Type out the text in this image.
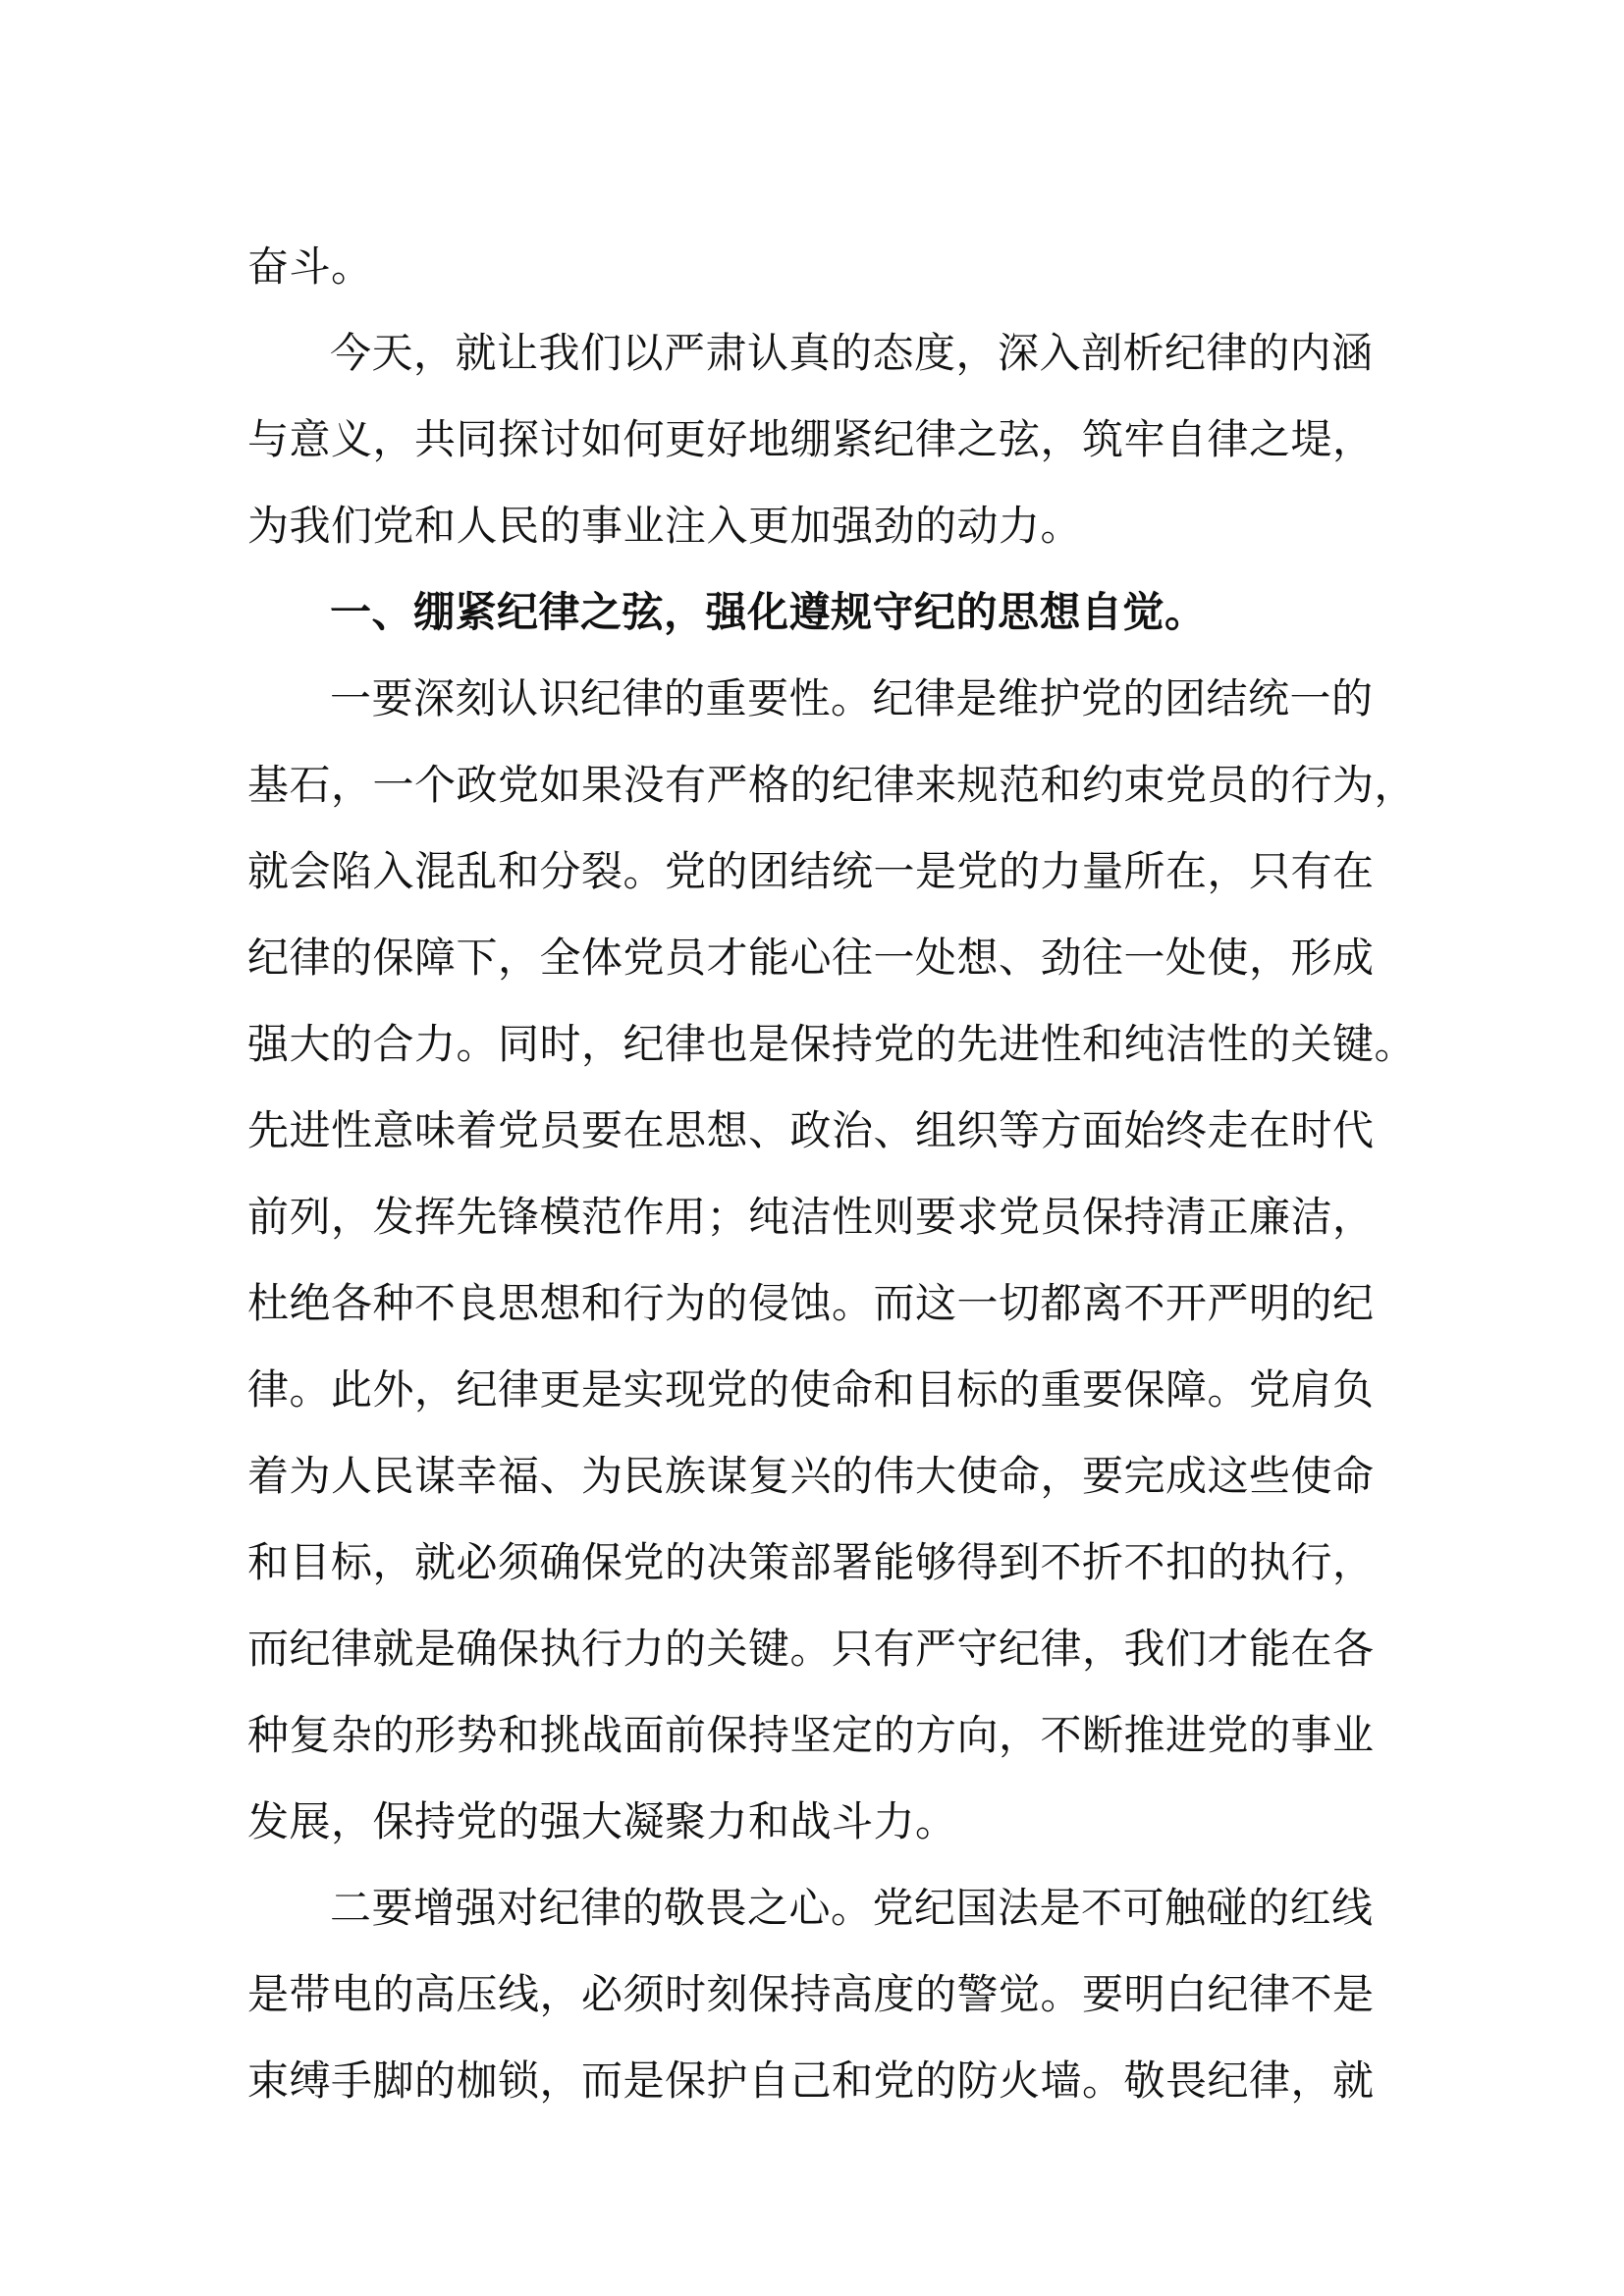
奋斗。
今天，就让我们以严肃认真的态度，深入剖析纪律的内涵
与意义，共同探讨如何更好地绷紧纪律之弦，筑牢自律之堤，
为我们党和人民的事业注入更加强劲的动力。
一、绷紧纪律之弦，强化遵规守纪的思想自觉。
一要深刻认识纪律的重要性。纪律是维护党的团结统一的
基石，一个政党如果没有严格的纪律来规范和约束党员的行为，
就会陷入混乱和分裂。党的团结统一是党的力量所在，只有在
纪律的保障下，全体党员才能心往一处想、劲往一处使，形成
强大的合力。同时，纪律也是保持党的先进性和纯洁性的关键。
先进性意味着党员要在思想、政治、组织等方面始终走在时代
前列，发挥先锋模范作用；纯洁性则要求党员保持清正廉洁，
杜绝各种不良思想和行为的侵蚀。而这一切都离不开严明的纪
律。此外，纪律更是实现党的使命和目标的重要保障。党肩负
着为人民谋幸福、为民族谋复兴的伟大使命，要完成这些使命
和目标，就必须确保党的决策部署能够得到不折不扣的执行，
而纪律就是确保执行力的关键。只有严守纪律，我们才能在各
种复杂的形势和挑战面前保持坚定的方向，不断推进党的事业
发展，保持党的强大凝聚力和战斗力。
二要增强对纪律的敬畏之心。党纪国法是不可触碰的红线
是带电的高压线，必须时刻保持高度的警觉。要明白纪律不是
束缚手脚的枷锁，而是保护自己和党的防火墙。敬畏纪律，就
